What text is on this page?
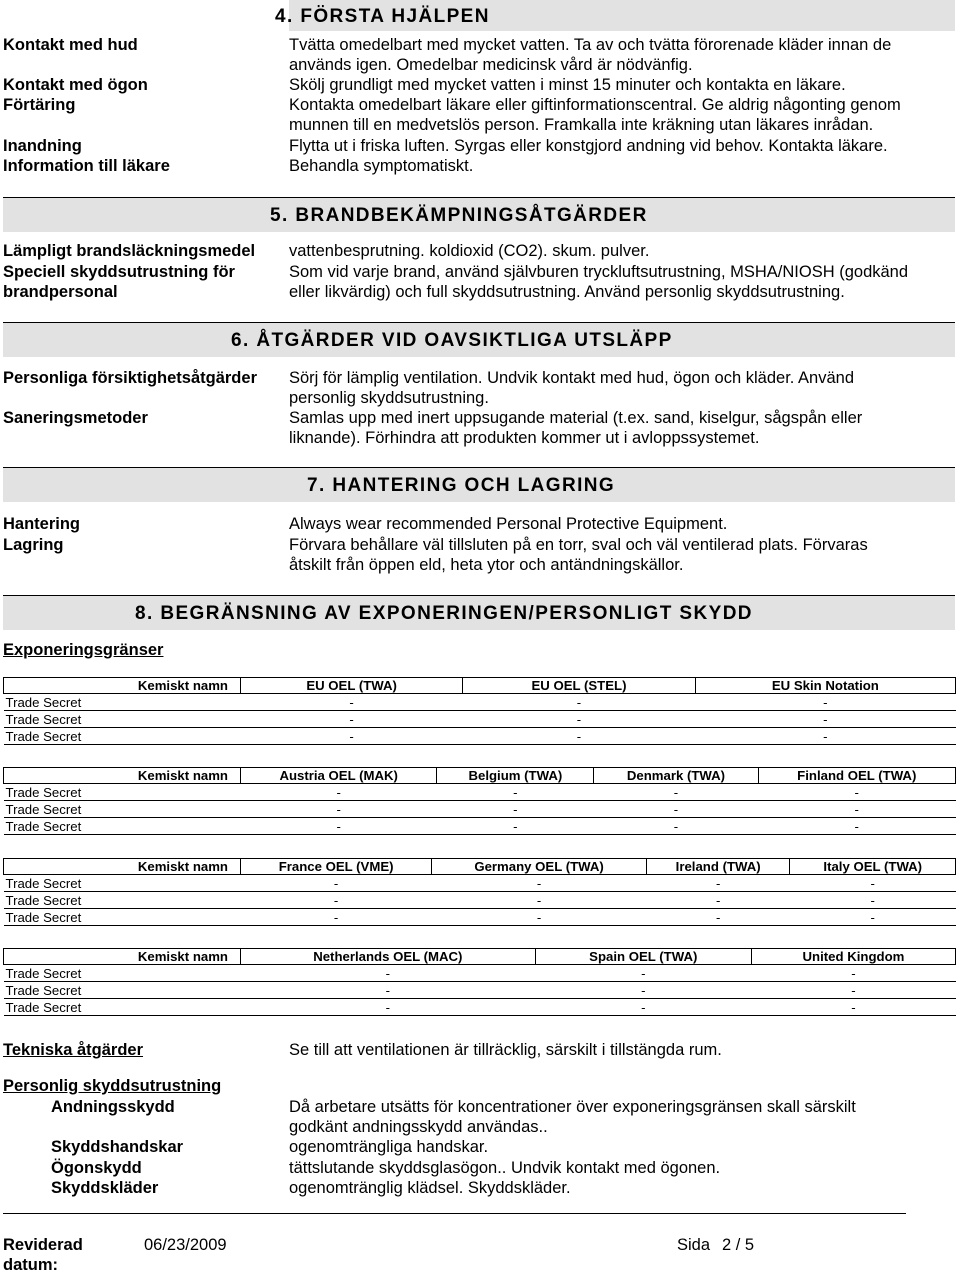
4. FÖRSTA HJÄLPEN
Kontakt med hud	Tvätta omedelbart med mycket vatten. Ta av och tvätta förorenade kläder innan de
används igen. Omedelbar medicinsk vård är nödvänfig.
Kontakt med ögon	Skölj grundligt med mycket vatten i minst 15 minuter och kontakta en läkare.
Förtäring	Kontakta omedelbart läkare eller giftinformationscentral. Ge aldrig någonting genom
munnen till en medvetslös person. Framkalla inte kräkning utan läkares inrådan.
Inandning	Flytta ut i friska luften. Syrgas eller konstgjord andning vid behov. Kontakta läkare.
Information till läkare	Behandla symptomatiskt.
5. BRANDBEKÄMPNINGSÅTGÄRDER
Lämpligt brandsläckningsmedel vattenbesprutning. koldioxid (CO2). skum. pulver.
Speciell skyddsutrustning för
brandpersonal
Som vid varje brand, använd självburen tryckluftsutrustning, MSHA/NIOSH (godkänd
eller likvärdig) och full skyddsutrustning. Använd personlig skyddsutrustning.
6. ÅTGÄRDER VID OAVSIKTLIGA UTSLÄPP
Personliga försiktighetsåtgärder Sörj för lämplig ventilation. Undvik kontakt med hud, ögon och kläder. Använd
personlig skyddsutrustning.
Saneringsmetoder	Samlas upp med inert uppsugande material (t.ex. sand, kiselgur, sågspån eller
liknande). Förhindra att produkten kommer ut i avloppssystemet.
7. HANTERING OCH LAGRING
Hantering	Always wear recommended Personal Protective Equipment.
Lagring	Förvara behållare väl tillsluten på en torr, sval och väl ventilerad plats. Förvaras
åtskilt från öppen eld, heta ytor och antändningskällor.
8. BEGRÄNSNING AV EXPONERINGEN/PERSONLIGT SKYDD
Exponeringsgränser
Kemiskt namn	EU OEL (TWA)	EU OEL (STEL)	EU Skin Notation
Trade Secret	-	-	-
Trade Secret	-	-	-
Trade Secret	-	-	-
Kemiskt namn	Austria OEL (MAK)	Belgium (TWA)	Denmark (TWA)	Finland OEL (TWA)
Trade Secret	-	-	-	-
Trade Secret	-	-	-	-
Trade Secret	-	-	-	-
Kemiskt namn	France OEL (VME)	Germany OEL (TWA)	Ireland (TWA)	Italy OEL (TWA)
Trade Secret	-	-	-	-
Trade Secret	-	-	-	-
Trade Secret	-	-	-	-
Kemiskt namn	Netherlands OEL (MAC)	Spain OEL (TWA)	United Kingdom
Trade Secret	-	-	-
Trade Secret	-	-	-
Trade Secret	-	-	-
Tekniska åtgärder	Se till att ventilationen är tillräcklig, särskilt i tillstängda rum.
Personlig skyddsutrustning
Andningsskydd	Då arbetare utsätts för koncentrationer över exponeringsgränsen skall särskilt
godkänt andningsskydd användas..
Skyddshandskar	ogenomträngliga handskar.
Ögonskydd	tättslutande skyddsglasögon.. Undvik kontakt med ögonen.
Skyddskläder	ogenomtränglig klädsel. Skyddskläder.
Reviderad
datum:
06/23/2009	Sida 2 / 5
